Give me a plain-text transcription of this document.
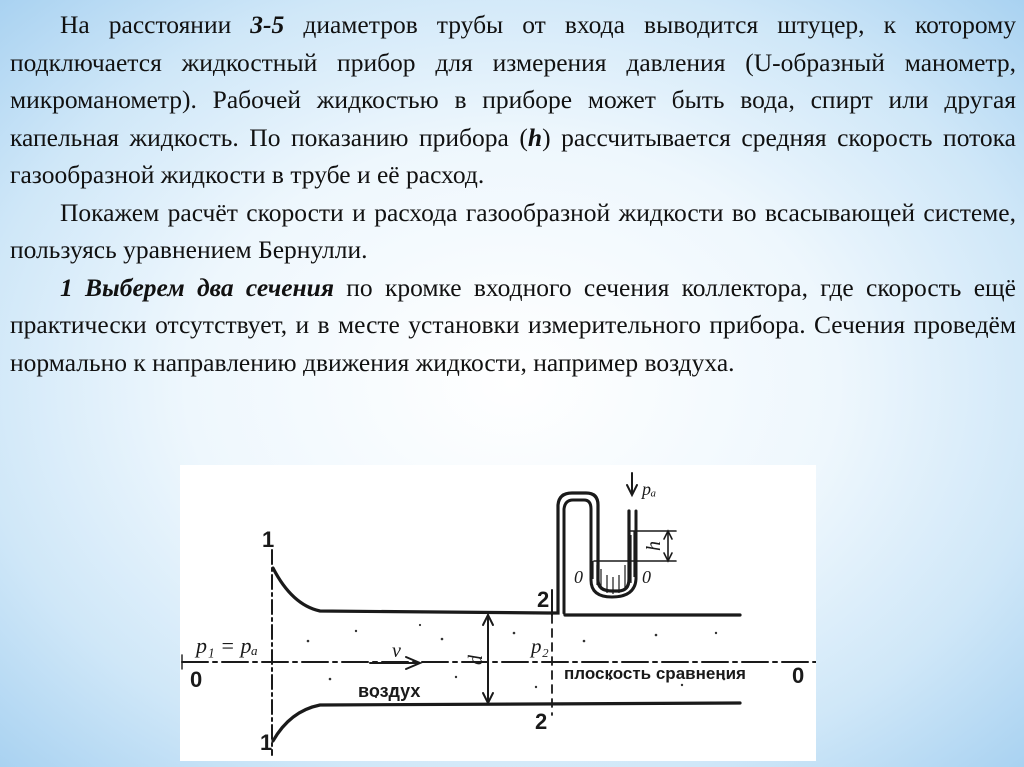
На расстоянии 3-5 диаметров трубы от входа выводится штуцер, к которому подключается жидкостный прибор для измерения давления (U-образный манометр, микроманометр). Рабочей жидкостью в приборе может быть вода, спирт или другая капельная жидкость. По показанию прибора (h) рассчитывается средняя скорость потока газообразной жидкости в трубе и её расход.

Покажем расчёт скорости и расхода газообразной жидкости во всасывающей системе, пользуясь уравнением Бернулли.

1 Выберем два сечения по кромке входного сечения коллектора, где скорость ещё практически отсутствует, и в месте установки измерительного прибора. Сечения проведём нормально к направлению движения жидкости, например воздуха.

1
1
2
2
p₁ = pₐ	p₂
pₐ
h
d
v
0	0
0	0
воздух
плоскость сравнения
